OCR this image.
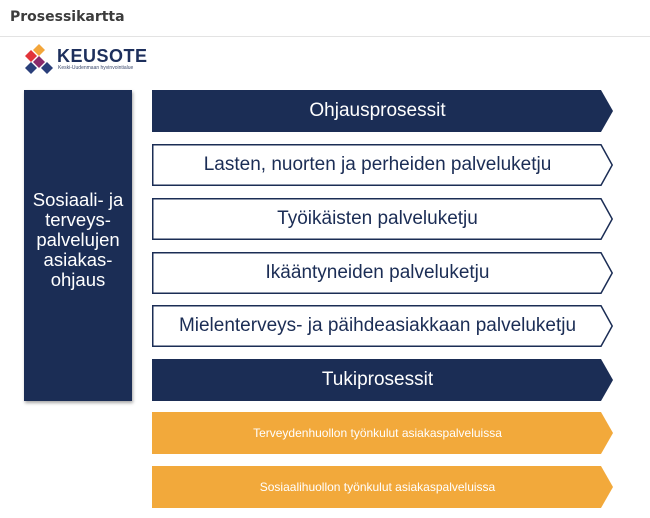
Prosessikartta
KEUSOTE
Keski-Uudenmaan hyvinvointialue
Sosiaali- ja terveys-palvelujen asiakas-ohjaus
Ohjausprosessit
Lasten, nuorten ja perheiden palveluketju
Työikäisten palveluketju
Ikääntyneiden palveluketju
Mielenterveys- ja päihdeasiakkaan palveluketju
Tukiprosessit
Terveydenhuollon työnkulut asiakaspalveluissa
Sosiaalihuollon työnkulut asiakaspalveluissa
